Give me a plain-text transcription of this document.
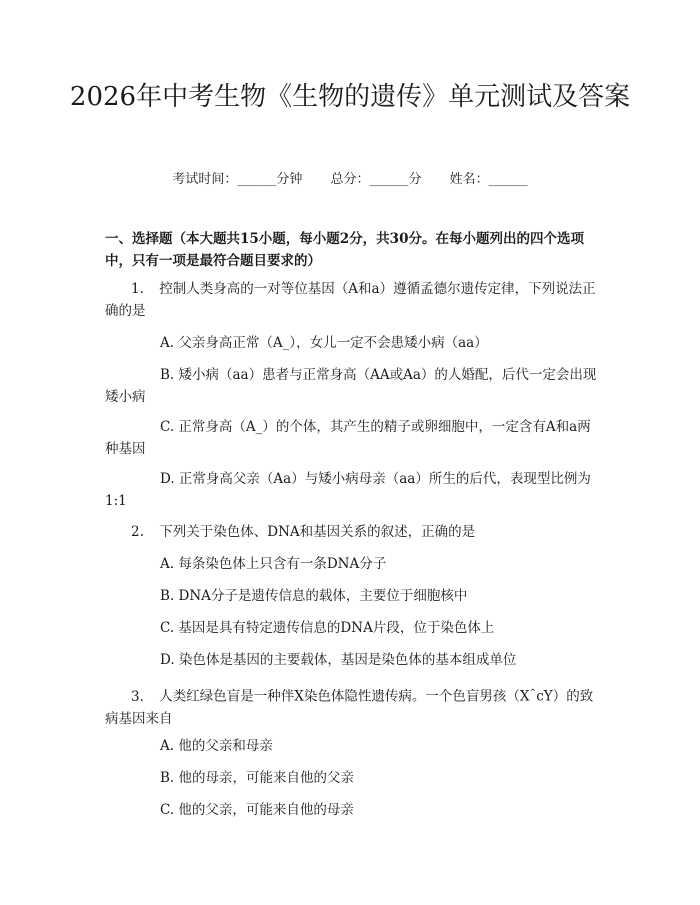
2026年中考生物《生物的遗传》单元测试及答案
考试时间：______分钟 总分：______分 姓名：______
一、选择题（本大题共15小题，每小题2分，共30分。在每小题列出的四个选项中，只有一项是最符合题目要求的）
1. 控制人类身高的一对等位基因（A和a）遵循孟德尔遗传定律，下列说法正确的是
A. 父亲身高正常（A_），女儿一定不会患矮小病（aa）
B. 矮小病（aa）患者与正常身高（AA或Aa）的人婚配，后代一定会出现矮小病
C. 正常身高（A_）的个体，其产生的精子或卵细胞中，一定含有A和a两种基因
D. 正常身高父亲（Aa）与矮小病母亲（aa）所生的后代，表现型比例为1:1
2. 下列关于染色体、DNA和基因关系的叙述，正确的是
A. 每条染色体上只含有一条DNA分子
B. DNA分子是遗传信息的载体，主要位于细胞核中
C. 基因是具有特定遗传信息的DNA片段，位于染色体上
D. 染色体是基因的主要载体，基因是染色体的基本组成单位
3. 人类红绿色盲是一种伴X染色体隐性遗传病。一个色盲男孩（X^cY）的致病基因来自
A. 他的父亲和母亲
B. 他的母亲，可能来自他的父亲
C. 他的父亲，可能来自他的母亲
